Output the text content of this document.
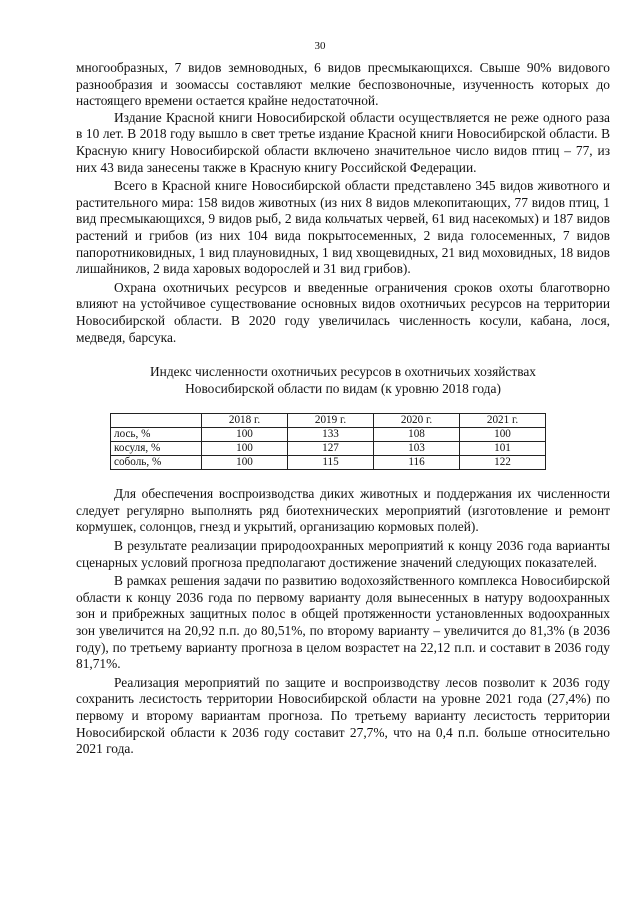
30

многообразных, 7 видов земноводных, 6 видов пресмыкающихся. Свыше 90% видового разнообразия и зоомассы составляют мелкие беспозвоночные, изученность которых до настоящего времени остается крайне недостаточной.

Издание Красной книги Новосибирской области осуществляется не реже одного раза в 10 лет. В 2018 году вышло в свет третье издание Красной книги Новосибирской области. В Красную книгу Новосибирской области включено значительное число видов птиц – 77, из них 43 вида занесены также в Красную книгу Российской Федерации.

Всего в Красной книге Новосибирской области представлено 345 видов животного и растительного мира: 158 видов животных (из них 8 видов млекопитающих, 77 видов птиц, 1 вид пресмыкающихся, 9 видов рыб, 2 вида кольчатых червей, 61 вид насекомых) и 187 видов растений и грибов (из них 104 вида покрытосеменных, 2 вида голосеменных, 7 видов папоротниковидных, 1 вид плауновидных, 1 вид хвощевидных, 21 вид моховидных, 18 видов лишайников, 2 вида харовых водорослей и 31 вид грибов).

Охрана охотничьих ресурсов и введенные ограничения сроков охоты благотворно влияют на устойчивое существование основных видов охотничьих ресурсов на территории Новосибирской области. В 2020 году увеличилась численность косули, кабана, лося, медведя, барсука.

Индекс численности охотничьих ресурсов в охотничьих хозяйствах
Новосибирской области по видам (к уровню 2018 года)
	2018 г.	2019 г.	2020 г.	2021 г.
лось, %	100	133	108	100
косуля, %	100	127	103	101
соболь, %	100	115	116	122

Для обеспечения воспроизводства диких животных и поддержания их численности следует регулярно выполнять ряд биотехнических мероприятий (изготовление и ремонт кормушек, солонцов, гнезд и укрытий, организацию кормовых полей).

В результате реализации природоохранных мероприятий к концу 2036 года варианты сценарных условий прогноза предполагают достижение значений следующих показателей.

В рамках решения задачи по развитию водохозяйственного комплекса Новосибирской области к концу 2036 года по первому варианту доля вынесенных в натуру водоохранных зон и прибрежных защитных полос в общей протяженности установленных водоохранных зон увеличится на 20,92 п.п. до 80,51%, по второму варианту – увеличится до 81,3% (в 2036 году), по третьему варианту прогноза в целом возрастет на 22,12 п.п. и составит в 2036 году 81,71%.

Реализация мероприятий по защите и воспроизводству лесов позволит к 2036 году сохранить лесистость территории Новосибирской области на уровне 2021 года (27,4%) по первому и второму вариантам прогноза. По третьему варианту лесистость территории Новосибирской области к 2036 году составит 27,7%, что на 0,4 п.п. больше относительно 2021 года.
